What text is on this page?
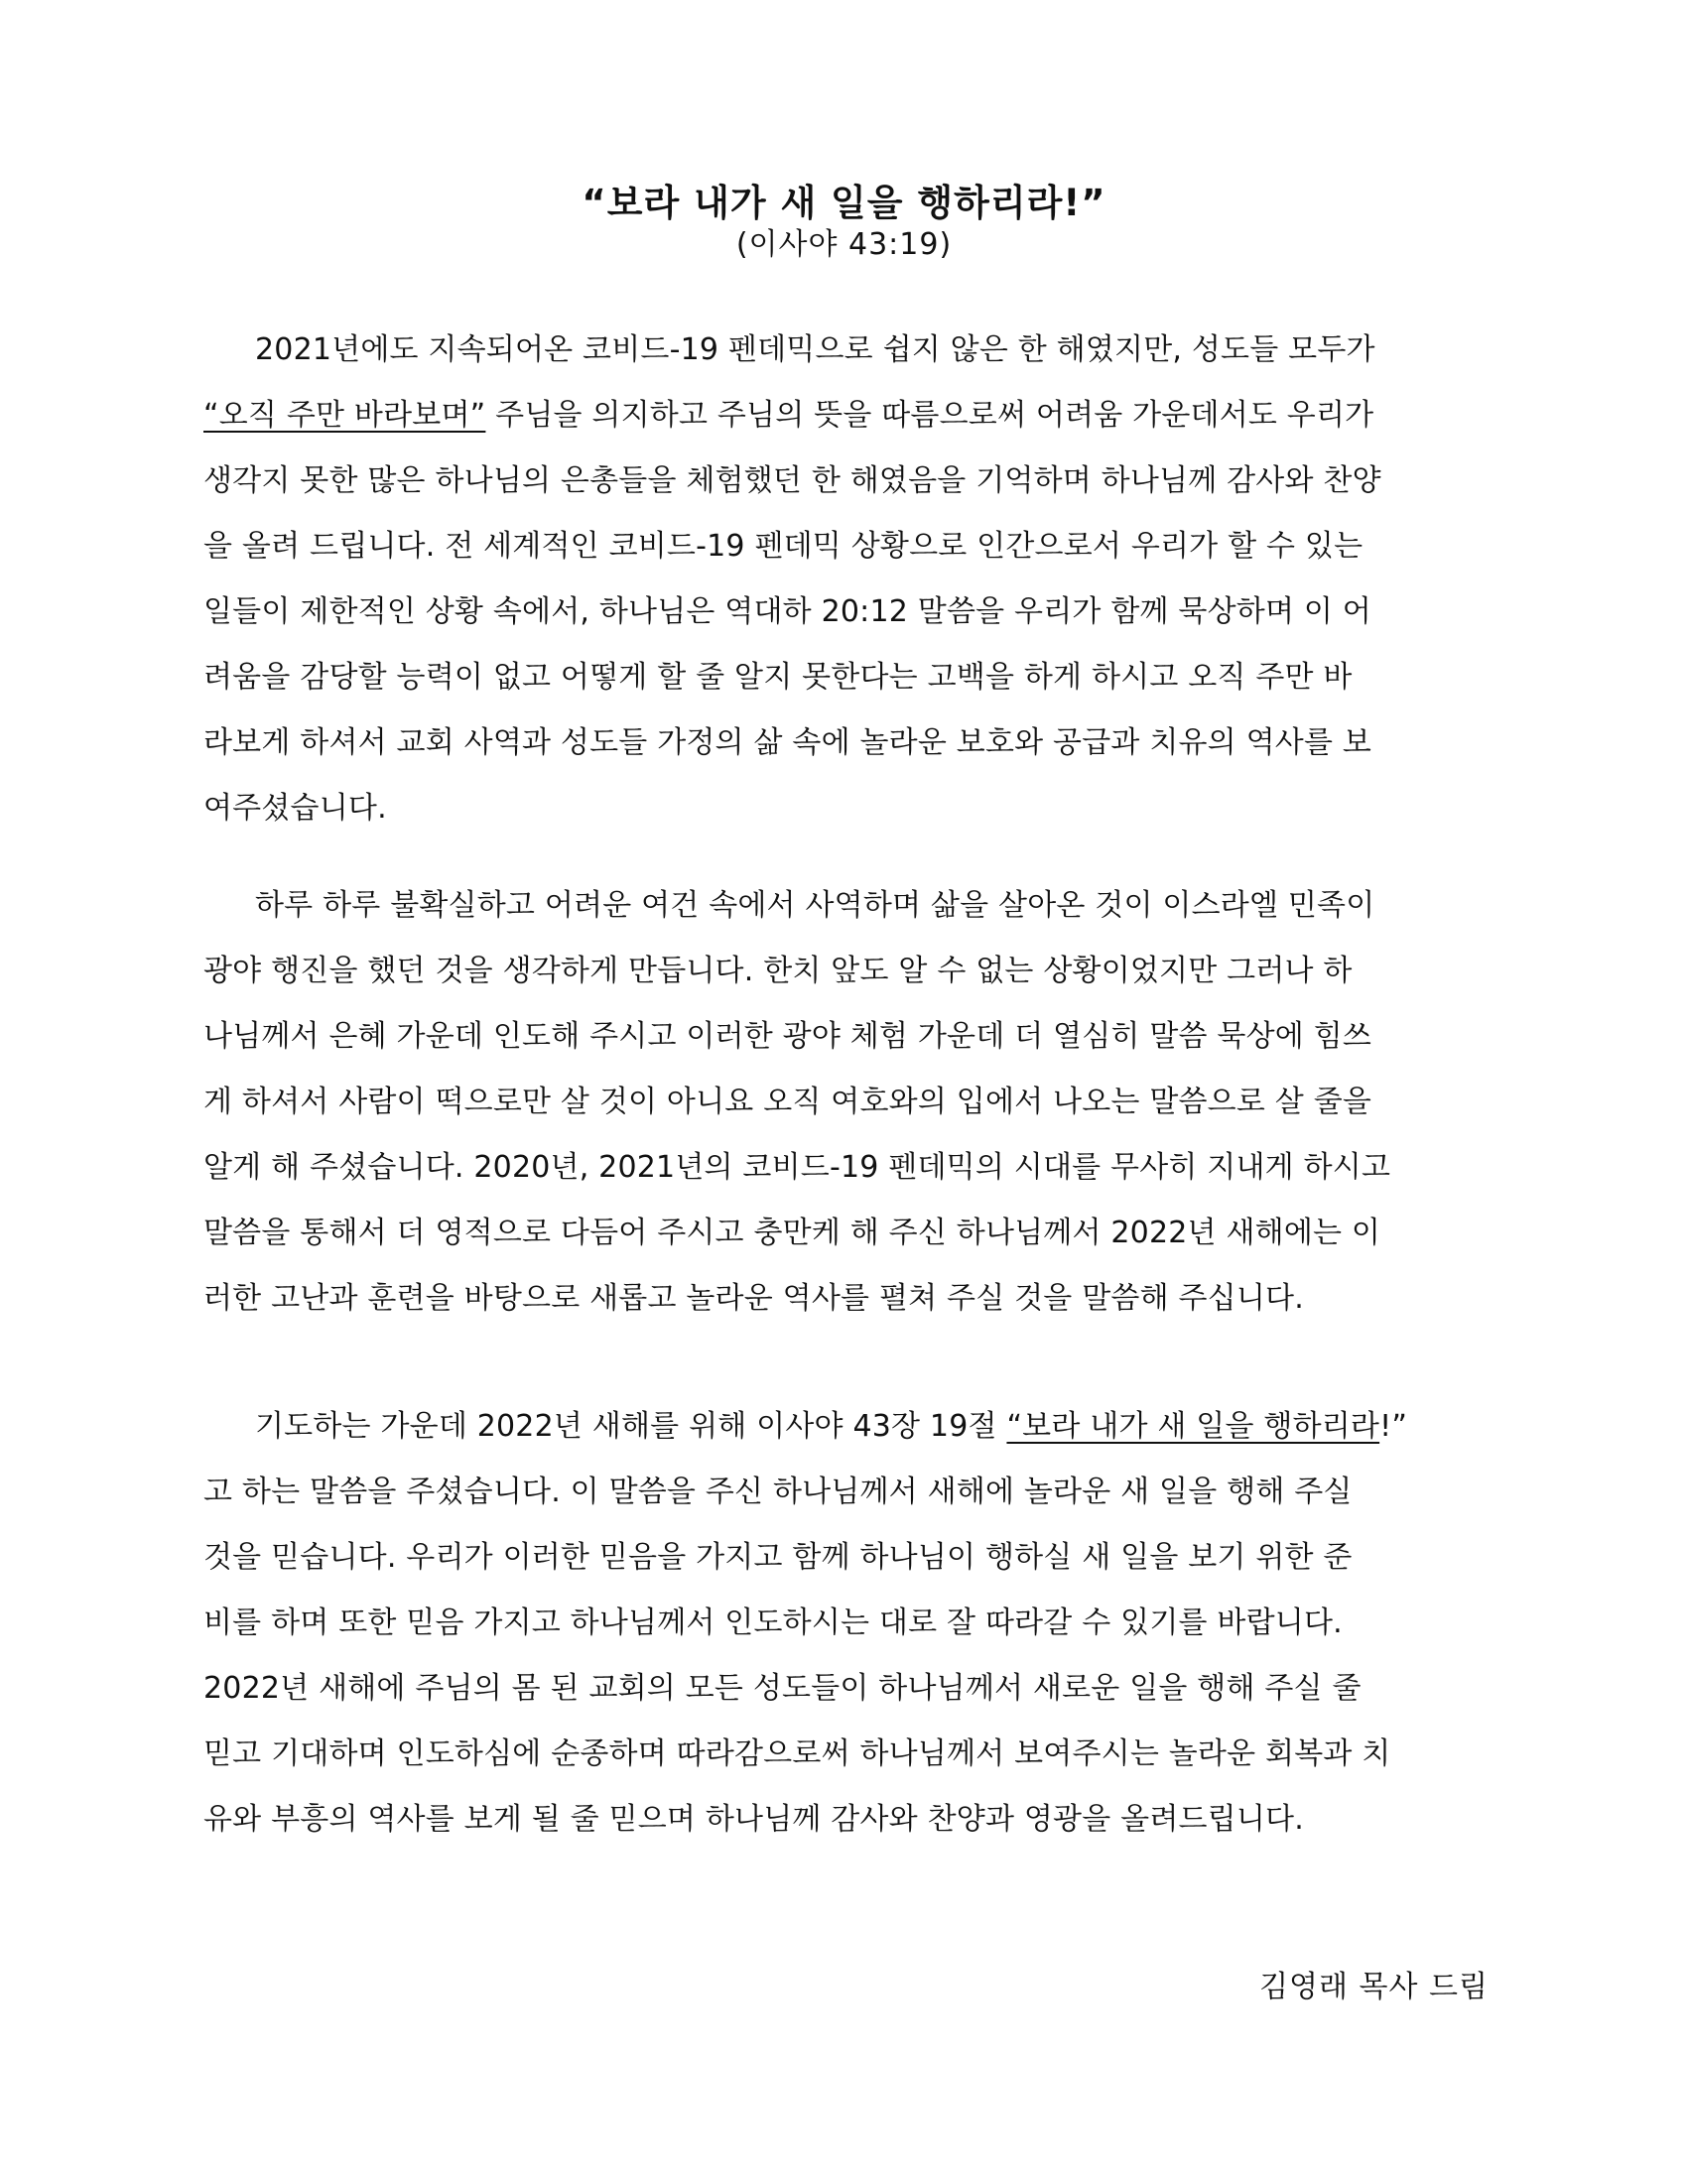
“보라 내가 새 일을 행하리라!”
(이사야 43:19)
2021년에도 지속되어온 코비드-19 펜데믹으로 쉽지 않은 한 해였지만, 성도들 모두가
“오직 주만 바라보며” 주님을 의지하고 주님의 뜻을 따름으로써 어려움 가운데서도 우리가
생각지 못한 많은 하나님의 은총들을 체험했던 한 해였음을 기억하며 하나님께 감사와 찬양
을 올려 드립니다. 전 세계적인 코비드-19 펜데믹 상황으로 인간으로서 우리가 할 수 있는
일들이 제한적인 상황 속에서, 하나님은 역대하 20:12 말씀을 우리가 함께 묵상하며 이 어
려움을 감당할 능력이 없고 어떻게 할 줄 알지 못한다는 고백을 하게 하시고 오직 주만 바
라보게 하셔서 교회 사역과 성도들 가정의 삶 속에 놀라운 보호와 공급과 치유의 역사를 보
여주셨습니다.
하루 하루 불확실하고 어려운 여건 속에서 사역하며 삶을 살아온 것이 이스라엘 민족이
광야 행진을 했던 것을 생각하게 만듭니다. 한치 앞도 알 수 없는 상황이었지만 그러나 하
나님께서 은혜 가운데 인도해 주시고 이러한 광야 체험 가운데 더 열심히 말씀 묵상에 힘쓰
게 하셔서 사람이 떡으로만 살 것이 아니요 오직 여호와의 입에서 나오는 말씀으로 살 줄을
알게 해 주셨습니다. 2020년, 2021년의 코비드-19 펜데믹의 시대를 무사히 지내게 하시고
말씀을 통해서 더 영적으로 다듬어 주시고 충만케 해 주신 하나님께서 2022년 새해에는 이
러한 고난과 훈련을 바탕으로 새롭고 놀라운 역사를 펼쳐 주실 것을 말씀해 주십니다.
기도하는 가운데 2022년 새해를 위해 이사야 43장 19절 “보라 내가 새 일을 행하리라!”
고 하는 말씀을 주셨습니다. 이 말씀을 주신 하나님께서 새해에 놀라운 새 일을 행해 주실
것을 믿습니다. 우리가 이러한 믿음을 가지고 함께 하나님이 행하실 새 일을 보기 위한 준
비를 하며 또한 믿음 가지고 하나님께서 인도하시는 대로 잘 따라갈 수 있기를 바랍니다.
2022년 새해에 주님의 몸 된 교회의 모든 성도들이 하나님께서 새로운 일을 행해 주실 줄
믿고 기대하며 인도하심에 순종하며 따라감으로써 하나님께서 보여주시는 놀라운 회복과 치
유와 부흥의 역사를 보게 될 줄 믿으며 하나님께 감사와 찬양과 영광을 올려드립니다.
김영래 목사 드림
